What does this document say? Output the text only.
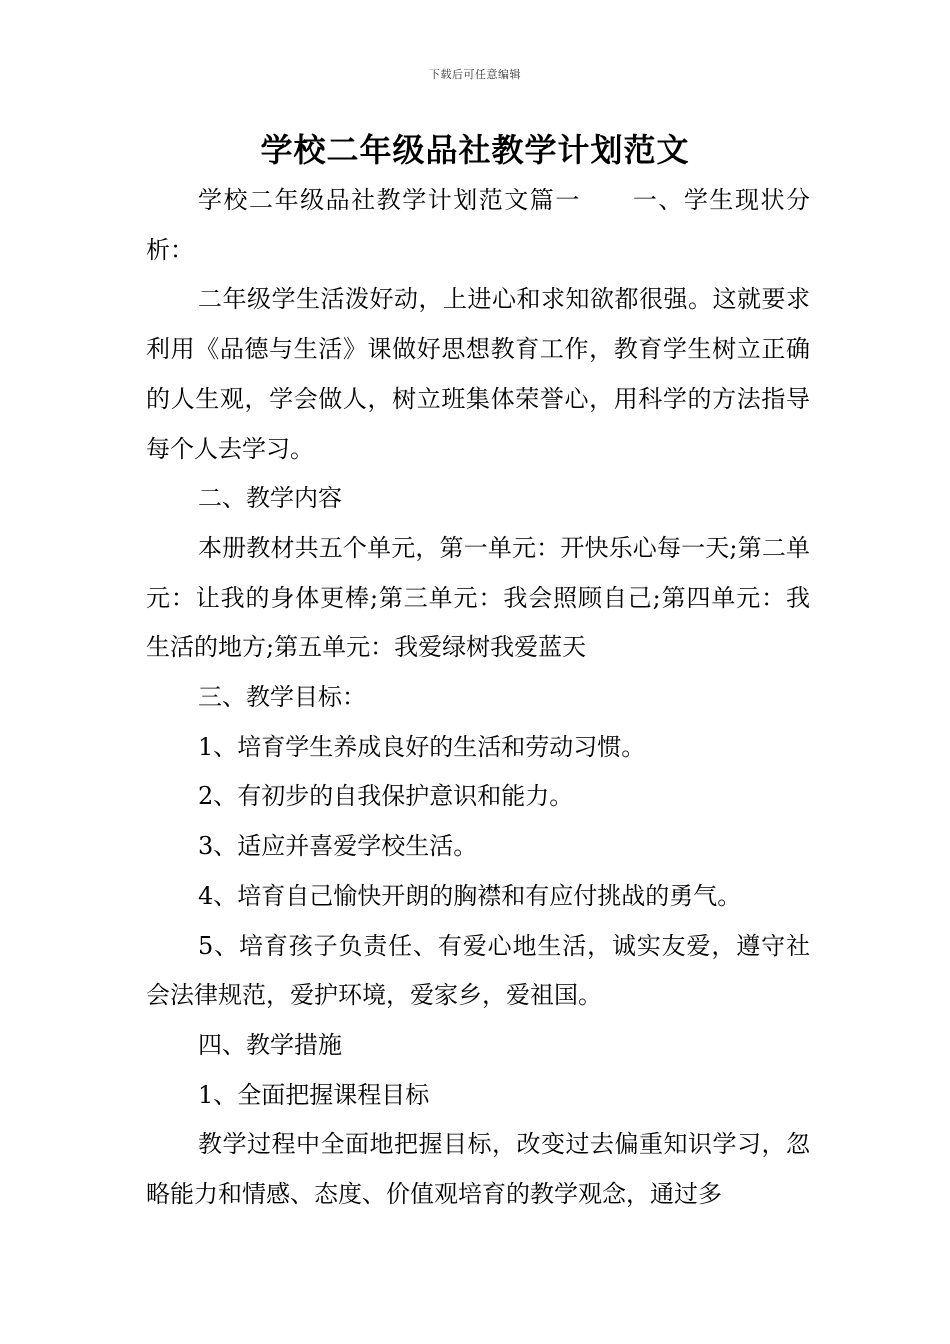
下载后可任意编辑
学校二年级品社教学计划范文

学校二年级品社教学计划范文篇一 一、学生现状分析：

二年级学生活泼好动，上进心和求知欲都很强。这就要求利用《品德与生活》课做好思想教育工作，教育学生树立正确的人生观，学会做人，树立班集体荣誉心，用科学的方法指导每个人去学习。

二、教学内容

本册教材共五个单元，第一单元：开快乐心每一天;第二单元：让我的身体更棒;第三单元：我会照顾自己;第四单元：我生活的地方;第五单元：我爱绿树我爱蓝天

三、教学目标：

1、培育学生养成良好的生活和劳动习惯。

2、有初步的自我保护意识和能力。

3、适应并喜爱学校生活。

4、培育自己愉快开朗的胸襟和有应付挑战的勇气。

5、培育孩子负责任、有爱心地生活，诚实友爱，遵守社会法律规范，爱护环境，爱家乡，爱祖国。

四、教学措施

1、全面把握课程目标

教学过程中全面地把握目标，改变过去偏重知识学习，忽略能力和情感、态度、价值观培育的教学观念，通过多
